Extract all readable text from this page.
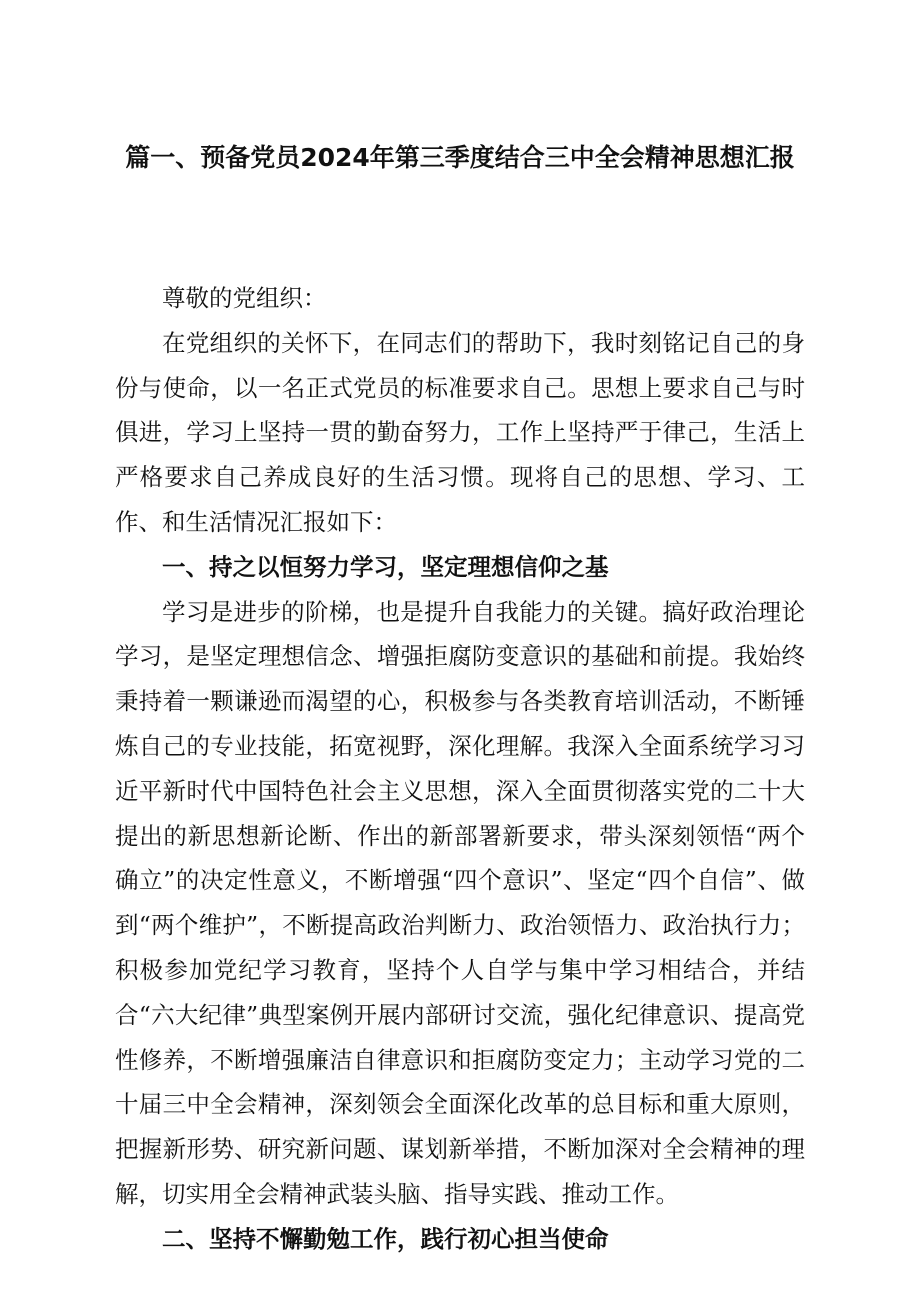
篇一、预备党员2024年第三季度结合三中全会精神思想汇报

尊敬的党组织：

在党组织的关怀下，在同志们的帮助下，我时刻铭记自己的身份与使命，以一名正式党员的标准要求自己。思想上要求自己与时俱进，学习上坚持一贯的勤奋努力，工作上坚持严于律己，生活上严格要求自己养成良好的生活习惯。现将自己的思想、学习、工作、和生活情况汇报如下：

一、持之以恒努力学习，坚定理想信仰之基

学习是进步的阶梯，也是提升自我能力的关键。搞好政治理论学习，是坚定理想信念、增强拒腐防变意识的基础和前提。我始终秉持着一颗谦逊而渴望的心，积极参与各类教育培训活动，不断锤炼自己的专业技能，拓宽视野，深化理解。我深入全面系统学习习近平新时代中国特色社会主义思想，深入全面贯彻落实党的二十大提出的新思想新论断、作出的新部署新要求，带头深刻领悟“两个确立”的决定性意义，不断增强“四个意识”、坚定“四个自信”、做到“两个维护”，不断提高政治判断力、政治领悟力、政治执行力；积极参加党纪学习教育，坚持个人自学与集中学习相结合，并结合“六大纪律”典型案例开展内部研讨交流，强化纪律意识、提高党性修养，不断增强廉洁自律意识和拒腐防变定力；主动学习党的二十届三中全会精神，深刻领会全面深化改革的总目标和重大原则，把握新形势、研究新问题、谋划新举措，不断加深对全会精神的理解，切实用全会精神武装头脑、指导实践、推动工作。

二、坚持不懈勤勉工作，践行初心担当使命
